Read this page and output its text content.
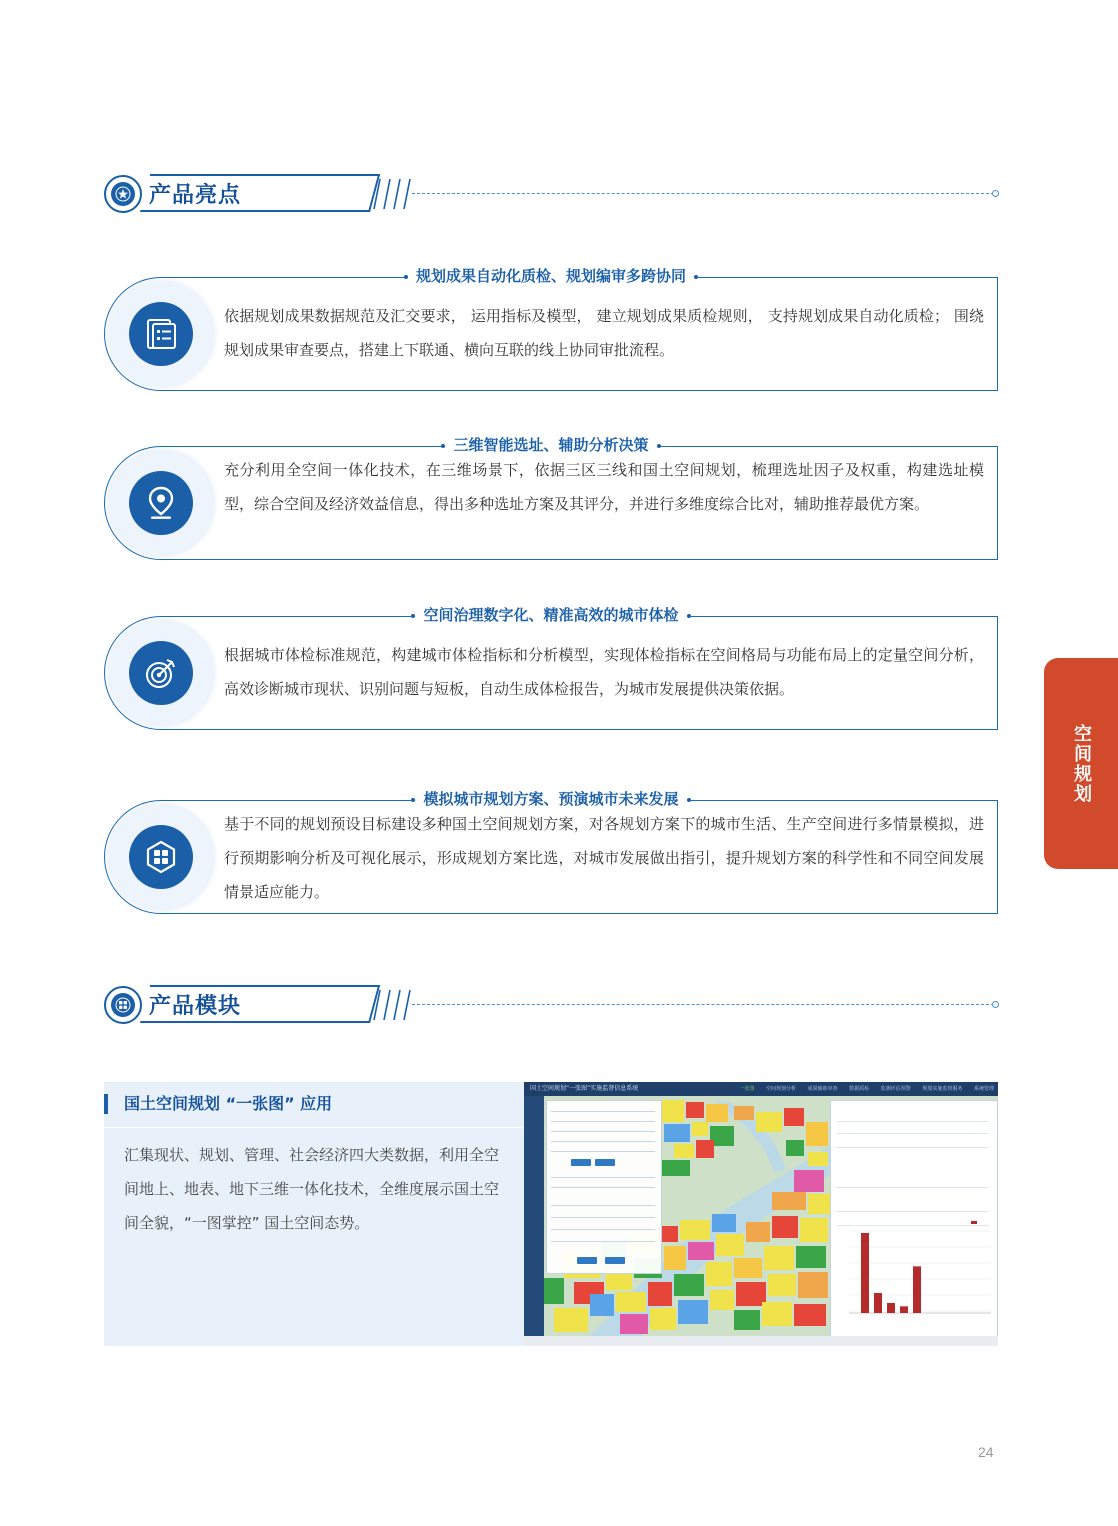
产品亮点
规划成果自动化质检、规划编审多跨协同
依据规划成果数据规范及汇交要求， 运用指标及模型， 建立规划成果质检规则， 支持规划成果自动化质检； 围绕规划成果审查要点，搭建上下联通、横向互联的线上协同审批流程。
三维智能选址、辅助分析决策
充分利用全空间一体化技术，在三维场景下，依据三区三线和国土空间规划，梳理选址因子及权重，构建选址模型，综合空间及经济效益信息，得出多种选址方案及其评分，并进行多维度综合比对，辅助推荐最优方案。
空间治理数字化、精准高效的城市体检
根据城市体检标准规范，构建城市体检指标和分析模型，实现体检指标在空间格局与功能布局上的定量空间分析，高效诊断城市现状、识别问题与短板，自动生成体检报告，为城市发展提供决策依据。
模拟城市规划方案、预演城市未来发展
基于不同的规划预设目标建设多种国土空间规划方案，对各规划方案下的城市生活、生产空间进行多情景模拟，进行预期影响分析及可视化展示，形成规划方案比选，对城市发展做出指引，提升规划方案的科学性和不同空间发展情景适应能力。
空间规划
产品模块
国土空间规划 “一张图” 应用
汇集现状、规划、管理、社会经济四大类数据，利用全空间地上、地表、地下三维一体化技术，全维度展示国土空间全貌，“一图掌控” 国土空间态势。
国土空间规划“一张图”实施监督信息系统	一张图 空间规划分析 成果辅助审查 数据质检 监测评估预警 规划实施监督服务 系统管理
24
